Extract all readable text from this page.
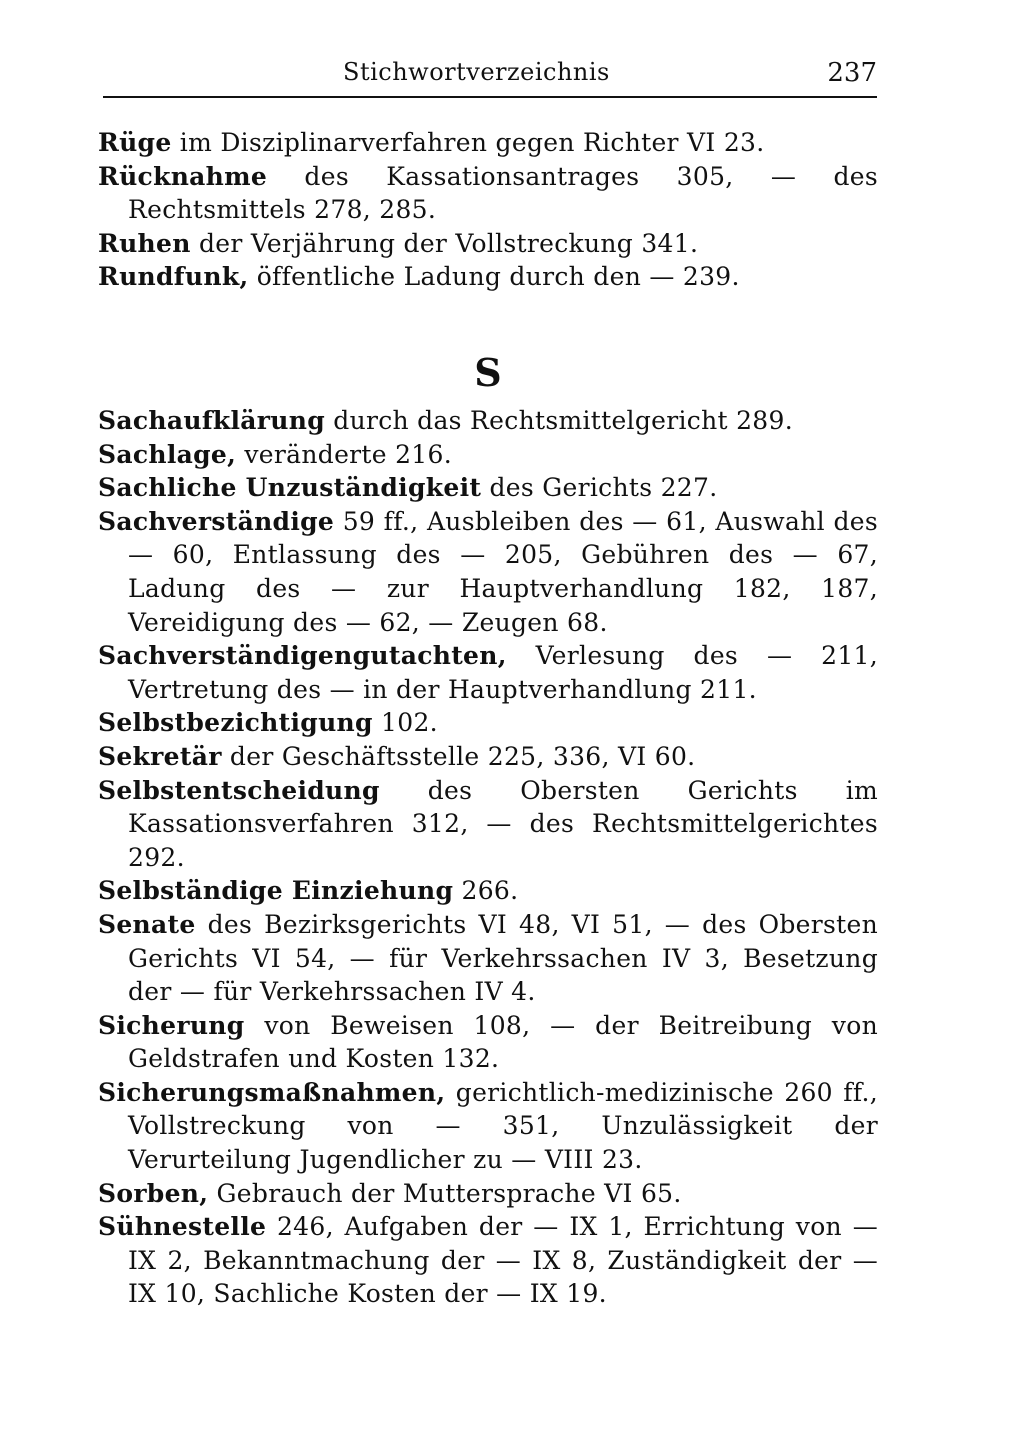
Stichwortverzeichnis	237
Rüge im Disziplinarverfahren gegen Richter VI 23.
Rücknahme des Kassationsantrages 305, — des Rechtsmittels 278, 285.
Ruhen der Verjährung der Vollstreckung 341.
Rundfunk, öffentliche Ladung durch den — 239.
S
Sachaufklärung durch das Rechtsmittelgericht 289.
Sachlage, veränderte 216.
Sachliche Unzuständigkeit des Gerichts 227.
Sachverständige 59 ff., Ausbleiben des — 61, Auswahl des — 60, Entlassung des — 205, Gebühren des — 67, Ladung des — zur Hauptverhandlung 182, 187, Vereidigung des — 62, — Zeugen 68.
Sachverständigengutachten, Verlesung des — 211, Vertretung des — in der Hauptverhandlung 211.
Selbstbezichtigung 102.
Sekretär der Geschäftsstelle 225, 336, VI 60.
Selbstentscheidung des Obersten Gerichts im Kassationsverfahren 312, — des Rechtsmittelgerichtes 292.
Selbständige Einziehung 266.
Senate des Bezirksgerichts VI 48, VI 51, — des Obersten Gerichts VI 54, — für Verkehrssachen IV 3, Besetzung der — für Verkehrssachen IV 4.
Sicherung von Beweisen 108, — der Beitreibung von Geldstrafen und Kosten 132.
Sicherungsmaßnahmen, gerichtlich-medizinische 260 ff., Vollstreckung von — 351, Unzulässigkeit der Verurteilung Jugendlicher zu — VIII 23.
Sorben, Gebrauch der Muttersprache VI 65.
Sühnestelle 246, Aufgaben der — IX 1, Errichtung von — IX 2, Bekanntmachung der — IX 8, Zuständigkeit der — IX 10, Sachliche Kosten der — IX 19.
